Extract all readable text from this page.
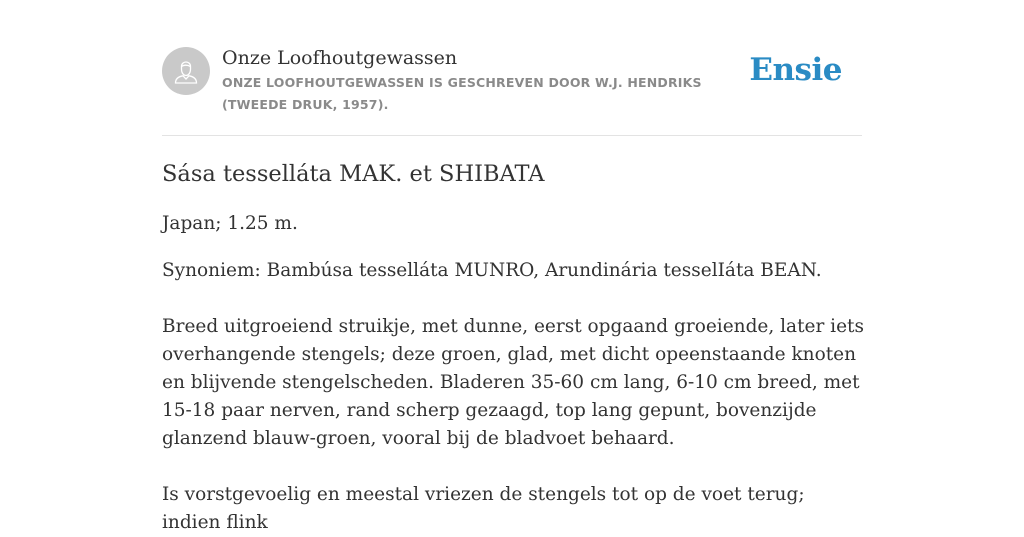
Onze Loofhoutgewassen
ONZE LOOFHOUTGEWASSEN IS GESCHREVEN DOOR W.J. HENDRIKS (TWEEDE DRUK, 1957).
Ensie
Sása tesselláta MAK. et SHIBATA

Japan; 1.25 m.

Synoniem: Bambúsa tesselláta MUNRO, Arundinária tesselIáta BEAN.

Breed uitgroeiend struikje, met dunne, eerst opgaand groeiende, later iets overhangende stengels; deze groen, glad, met dicht opeenstaande knoten en blijvende stengelscheden. Bladeren 35-60 cm lang, 6-10 cm breed, met 15-18 paar nerven, rand scherp gezaagd, top lang gepunt, bovenzijde glanzend blauw-groen, vooral bij de bladvoet behaard.

Is vorstgevoelig en meestal vriezen de stengels tot op de voet terug; indien flink
